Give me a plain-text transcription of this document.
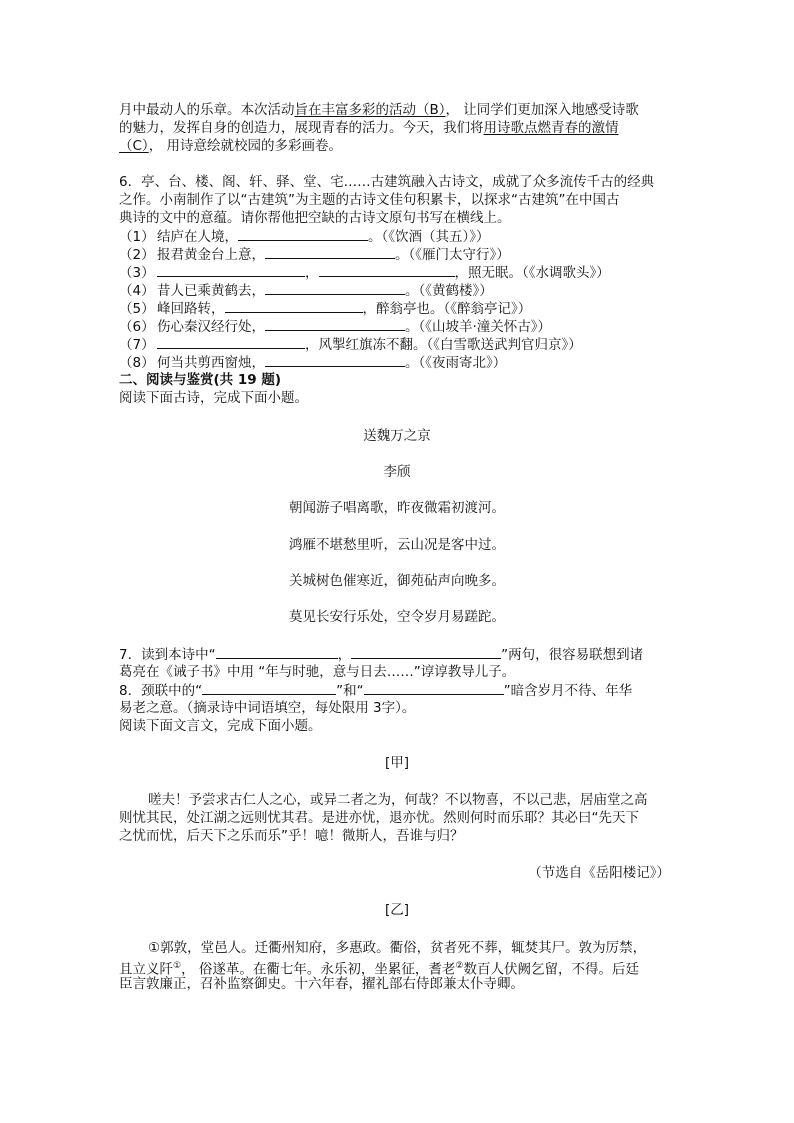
月中最动人的乐章。本次活动旨在丰富多彩的活动（B）， 让同学们更加深入地感受诗歌
的魅力，发挥自身的创造力，展现青春的活力。今天，我们将用诗歌点燃青春的激情
（C）， 用诗意绘就校园的多彩画卷。
6．亭、台、楼、阁、轩、驿、堂、宅……古建筑融入古诗文，成就了众多流传千古的经典
之作。小南制作了以“古建筑”为主题的古诗文佳句积累卡，以探求“古建筑”在中国古
典诗的文中的意蕴。请你帮他把空缺的古诗文原句书写在横线上。
（1） 结庐在人境，	。（《饮酒（其五）》）
（2） 报君黄金台上意，	。（《雁门太守行》）
（3）	，	，照无眠。（《水调歌头》）
（4） 昔人已乘黄鹤去，	。（《黄鹤楼》）
（5） 峰回路转，	，醉翁亭也。（《醉翁亭记》）
（6） 伤心秦汉经行处，	。（《山坡羊·潼关怀古》）
（7）	，风掣红旗冻不翻。（《白雪歌送武判官归京》）
（8） 何当共剪西窗烛，	。（《夜雨寄北》）
二、阅读与鉴赏(共 19 题)
阅读下面古诗，完成下面小题。
送魏万之京
李颀
朝闻游子唱离歌，昨夜微霜初渡河。
鸿雁不堪愁里听，云山况是客中过。
关城树色催寒近，御苑砧声向晚多。
莫见长安行乐处，空令岁月易蹉跎。
7．读到本诗中“	，	”两句，很容易联想到诸
葛亮在《诫子书》中用 “年与时驰，意与日去……”谆谆教导儿子。
8．颈联中的“	”和“	”暗含岁月不待、年华
易老之意。（摘录诗中词语填空，每处限用 3字）。
阅读下面文言文，完成下面小题。
[甲]
嗟夫！予尝求古仁人之心，或异二者之为，何哉？不以物喜，不以己悲，居庙堂之高
则忧其民，处江湖之远则忧其君。是进亦忧，退亦忧。然则何时而乐耶？其必曰“先天下
之忧而忧，后天下之乐而乐”乎！噫！微斯人，吾谁与归？
（节选自《岳阳楼记》）
[乙]
①郭敦，堂邑人。迁衢州知府，多惠政。衢俗，贫者死不葬，辄焚其尸。敦为厉禁，
且立义阡①， 俗遂革。在衢七年。永乐初，坐累征，耆老②数百人伏阙乞留，不得。后廷
臣言敦廉正，召补监察御史。十六年春，擢礼部右侍郎兼太仆寺卿。
